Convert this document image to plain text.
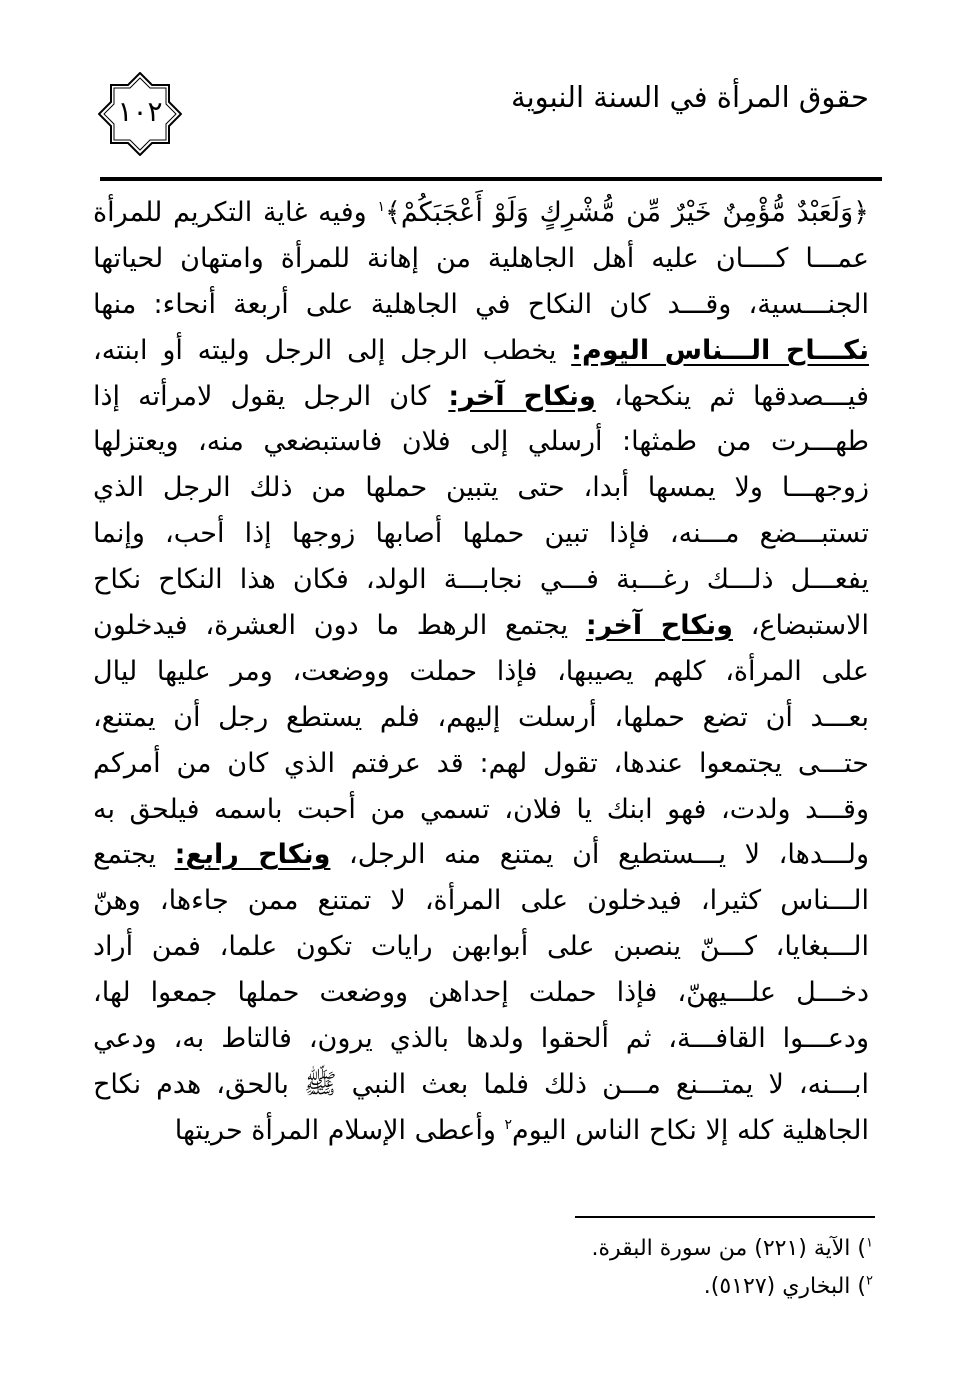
حقوق المرأة في السنة النبوية
١٠٢
﴿وَلَعَبْدٌ مُّؤْمِنٌ خَيْرٌ مِّن مُّشْرِكٍ وَلَوْ أَعْجَبَكُمْ﴾$^١$ وفيه غاية التكريم للمرأة
عمـــا كــــان عليه أهل الجاهلية من إهانة للمرأة وامتهان لحياتها
الجنـــسية، وقـــد كان النكاح في الجاهلية على أربعة أنحاء: منها
نكـــاح الـــناس اليوم: يخطب الرجل إلى الرجل وليته أو ابنته،
فيـــصدقها ثم ينكحها، ونكاح آخر: كان الرجل يقول لامرأته إذا
طهـــرت من طمثها: أرسلي إلى فلان فاستبضعي منه، ويعتزلها
زوجهـــا ولا يمسها أبدا، حتى يتبين حملها من ذلك الرجل الذي
تستبـــضع مـــنه، فإذا تبين حملها أصابها زوجها إذا أحب، وإنما
يفعـــل ذلـــك رغـــبة فـــي نجابـــة الولد، فكان هذا النكاح نكاح
الاستبضاع، ونكاح آخر: يجتمع الرهط ما دون العشرة، فيدخلون
على المرأة، كلهم يصيبها، فإذا حملت ووضعت، ومر عليها ليال
بعـــد أن تضع حملها، أرسلت إليهم، فلم يستطع رجل أن يمتنع،
حتـــى يجتمعوا عندها، تقول لهم: قد عرفتم الذي كان من أمركم
وقـــد ولدت، فهو ابنك يا فلان، تسمي من أحبت باسمه فيلحق به
ولـــدها، لا يـــستطيع أن يمتنع منه الرجل، ونكاح رابع: يجتمع
الـــناس كثيرا، فيدخلون على المرأة، لا تمتنع ممن جاءها، وهنّ
الـــبغايا، كـــنّ ينصبن على أبوابهن رايات تكون علما، فمن أراد
دخـــل علـــيهنّ، فإذا حملت إحداهن ووضعت حملها جمعوا لها،
ودعـــوا القافـــة، ثم ألحقوا ولدها بالذي يرون، فالتاط به، ودعي
ابـــنه، لا يمتـــنع مـــن ذلك فلما بعث النبي ﷺ بالحق، هدم نكاح
الجاهلية كله إلا نكاح الناس اليوم$^٢$ وأعطى الإسلام المرأة حريتها
$^١$) الآية (٢٢١) من سورة البقرة.
$^٢$) البخاري (٥١٢٧).
